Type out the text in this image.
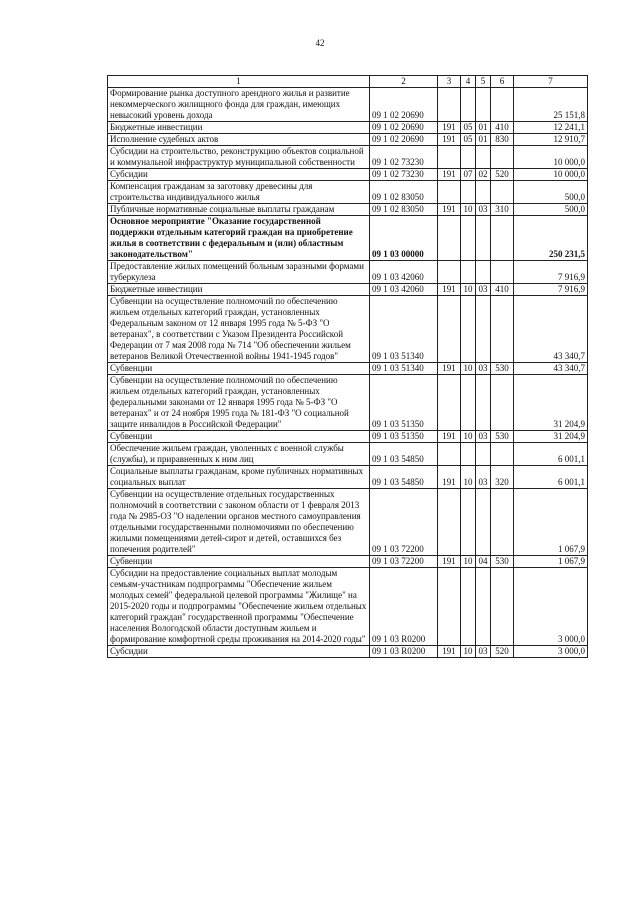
42
1	2	3	4	5	6	7
Формирование рынка доступного арендного жилья и развитие некоммерческого жилищного фонда для граждан, имеющих невысокий уровень дохода	09 1 02 20690					25 151,8
Бюджетные инвестиции	09 1 02 20690	191	05	01	410	12 241,1
Исполнение судебных актов	09 1 02 20690	191	05	01	830	12 910,7
Субсидии на строительство, реконструкцию объектов социальной и коммунальной инфраструктур муниципальной собственности	09 1 02 73230					10 000,0
Субсидии	09 1 02 73230	191	07	02	520	10 000,0
Компенсация гражданам за заготовку древесины для строительства индивидуального жилья	09 1 02 83050					500,0
Публичные нормативные социальные выплаты гражданам	09 1 02 83050	191	10	03	310	500,0
Основное мероприятие "Оказание государственной поддержки отдельным категорий граждан на приобретение жилья в соответствии с федеральным и (или) областным законодательством"	09 1 03 00000					250 231,5
Предоставление жилых помещений больным заразными формами туберкулеза	09 1 03 42060					7 916,9
Бюджетные инвестиции	09 1 03 42060	191	10	03	410	7 916,9
Субвенции на осуществление полномочий по обеспечению жильем отдельных категорий граждан, установленных Федеральным законом от 12 января 1995 года № 5-ФЗ "О ветеранах", в соответствии с Указом Президента Российской Федерации от 7 мая 2008 года № 714 "Об обеспечении жильем ветеранов Великой Отечественной войны 1941-1945 годов"	09 1 03 51340					43 340,7
Субвенции	09 1 03 51340	191	10	03	530	43 340,7
Субвенции на осуществление полномочий по обеспечению жильем отдельных категорий граждан, установленных федеральными законами от 12 января 1995 года № 5-ФЗ "О ветеранах" и от 24 ноября 1995 года № 181-ФЗ "О социальной защите инвалидов в Российской Федерации"	09 1 03 51350					31 204,9
Субвенции	09 1 03 51350	191	10	03	530	31 204,9
Обеспечение жильем граждан, уволенных с военной службы (службы), и приравненных к ним лиц	09 1 03 54850					6 001,1
Социальные выплаты гражданам, кроме публичных нормативных социальных выплат	09 1 03 54850	191	10	03	320	6 001,1
Субвенции на осуществление отдельных государственных полномочий в соответствии с законом области от 1 февраля 2013 года № 2985-ОЗ "О наделении органов местного самоуправления отдельными государственными полномочиями по обеспечению жилыми помещениями детей-сирот и детей, оставшихся без попечения родителей"	09 1 03 72200					1 067,9
Субвенции	09 1 03 72200	191	10	04	530	1 067,9
Субсидии на предоставление социальных выплат молодым семьям-участникам подпрограммы "Обеспечение жильем молодых семей" федеральной целевой программы "Жилище" на 2015-2020 годы и подпрограммы "Обеспечение жильем отдельных категорий граждан" государственной программы "Обеспечение населения Вологодской области доступным жильем и формирование комфортной среды проживания на 2014-2020 годы"	09 1 03 R0200					3 000,0
Субсидии	09 1 03 R0200	191	10	03	520	3 000,0
